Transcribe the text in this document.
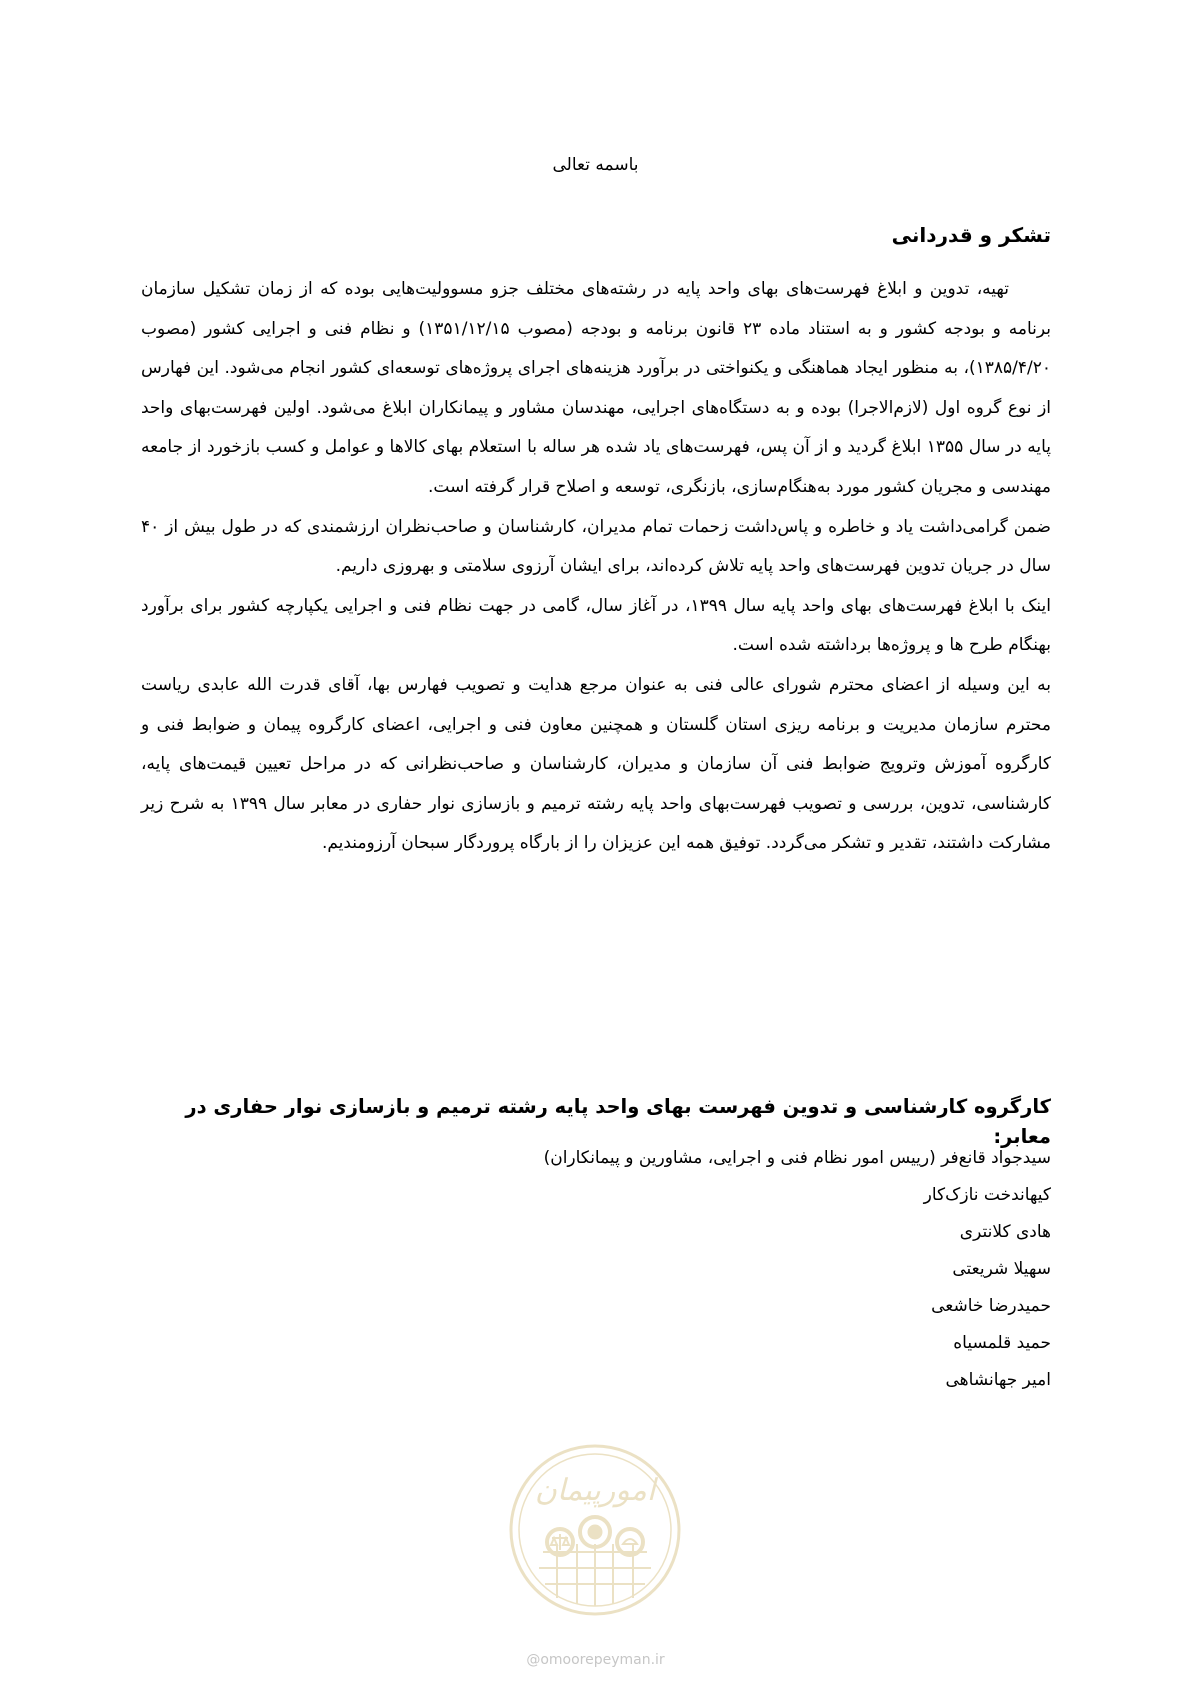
باسمه تعالی
تشکر و قدردانی

تهیه، تدوین و ابلاغ فهرست‌های بهای واحد پایه در رشته‌های مختلف جزو مسوولیت‌هایی بوده که از زمان تشکیل سازمان برنامه و بودجه کشور و به استناد ماده ۲۳ قانون برنامه و بودجه (مصوب ۱۳۵۱/۱۲/۱۵) و نظام فنی و اجرایی کشور (مصوب ۱۳۸۵/۴/۲۰)، به منظور ایجاد هماهنگی و یکنواختی در برآورد هزینه‌های اجرای پروژه‌های توسعه‌ای کشور انجام می‌شود. این فهارس از نوع گروه اول (لازم‌الاجرا) بوده و به دستگاه‌های اجرایی، مهندسان مشاور و پیمانکاران ابلاغ می‌شود. اولین فهرست‌بهای واحد پایه در سال ۱۳۵۵ ابلاغ گردید و از آن پس، فهرست‌های یاد شده هر ساله با استعلام بهای کالاها و عوامل و کسب بازخورد از جامعه مهندسی و مجریان کشور مورد به‌هنگام‌سازی، بازنگری، توسعه و اصلاح قرار گرفته است.

ضمن گرامی‌داشت یاد و خاطره و پاس‌داشت زحمات تمام مدیران، کارشناسان و صاحب‌نظران ارزشمندی که در طول بیش از ۴۰ سال در جریان تدوین فهرست‌های واحد پایه تلاش کرده‌اند، برای ایشان آرزوی سلامتی و بهروزی داریم.

اینک با ابلاغ فهرست‌های بهای واحد پایه سال ۱۳۹۹، در آغاز سال، گامی در جهت نظام فنی و اجرایی یکپارچه کشور برای برآورد بهنگام طرح ها و پروژه‌ها برداشته شده است.

به این وسیله از اعضای محترم شورای عالی فنی به عنوان مرجع هدایت و تصویب فهارس بها، آقای قدرت الله عابدی ریاست محترم سازمان مدیریت و برنامه ریزی استان گلستان و همچنین معاون فنی و اجرایی، اعضای کارگروه پیمان و ضوابط فنی و کارگروه آموزش وترویج ضوابط فنی آن سازمان و مدیران، کارشناسان و صاحب‌نظرانی که در مراحل تعیین قیمت‌های پایه، کارشناسی، تدوین، بررسی و تصویب فهرست‌بهای واحد پایه رشته ترمیم و بازسازی نوار حفاری در معابر سال ۱۳۹۹ به شرح زیر مشارکت داشتند، تقدیر و تشکر می‌گردد. توفیق همه این عزیزان را از بارگاه پروردگار سبحان آرزومندیم.

کارگروه کارشناسی و تدوین فهرست بهای واحد پایه رشته ترمیم و بازسازی نوار حفاری در معابر:
سیدجواد قانع‌فر (رییس امور نظام فنی و اجرایی، مشاورین و پیمانکاران)
کیهاندخت نازک‌کار
هادی کلانتری
سهیلا شریعتی
حمیدرضا خاشعی
حمید قلمسیاه
امیر جهانشاهی
امورپیمان
@omoorepeyman.ir
